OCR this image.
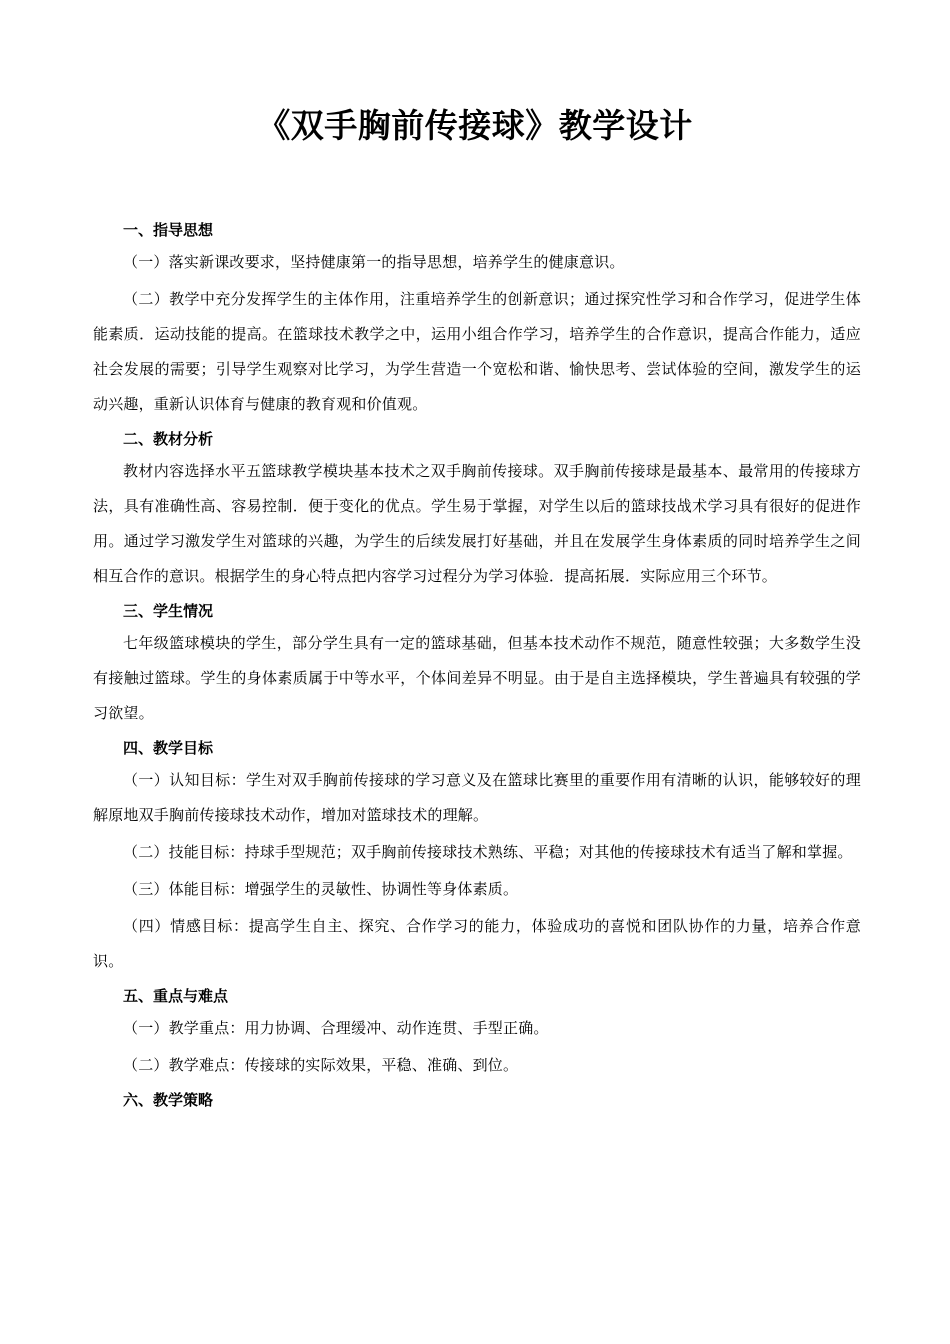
《双手胸前传接球》教学设计

一、指导思想

（一）落实新课改要求，坚持健康第一的指导思想，培养学生的健康意识。

（二）教学中充分发挥学生的主体作用，注重培养学生的创新意识；通过探究性学习和合作学习，促进学生体能素质．运动技能的提高。在篮球技术教学之中，运用小组合作学习，培养学生的合作意识，提高合作能力，适应社会发展的需要；引导学生观察对比学习，为学生营造一个宽松和谐、愉快思考、尝试体验的空间，激发学生的运动兴趣，重新认识体育与健康的教育观和价值观。

二、教材分析

教材内容选择水平五篮球教学模块基本技术之双手胸前传接球。双手胸前传接球是最基本、最常用的传接球方法，具有准确性高、容易控制．便于变化的优点。学生易于掌握，对学生以后的篮球技战术学习具有很好的促进作用。通过学习激发学生对篮球的兴趣，为学生的后续发展打好基础，并且在发展学生身体素质的同时培养学生之间相互合作的意识。根据学生的身心特点把内容学习过程分为学习体验．提高拓展．实际应用三个环节。

三、学生情况

七年级篮球模块的学生，部分学生具有一定的篮球基础，但基本技术动作不规范，随意性较强；大多数学生没有接触过篮球。学生的身体素质属于中等水平，个体间差异不明显。由于是自主选择模块，学生普遍具有较强的学习欲望。

四、教学目标

（一）认知目标：学生对双手胸前传接球的学习意义及在篮球比赛里的重要作用有清晰的认识，能够较好的理解原地双手胸前传接球技术动作，增加对篮球技术的理解。

（二）技能目标：持球手型规范；双手胸前传接球技术熟练、平稳；对其他的传接球技术有适当了解和掌握。

（三）体能目标：增强学生的灵敏性、协调性等身体素质。

（四）情感目标：提高学生自主、探究、合作学习的能力，体验成功的喜悦和团队协作的力量，培养合作意识。

五、重点与难点

（一）教学重点：用力协调、合理缓冲、动作连贯、手型正确。

（二）教学难点：传接球的实际效果，平稳、准确、到位。

六、教学策略
